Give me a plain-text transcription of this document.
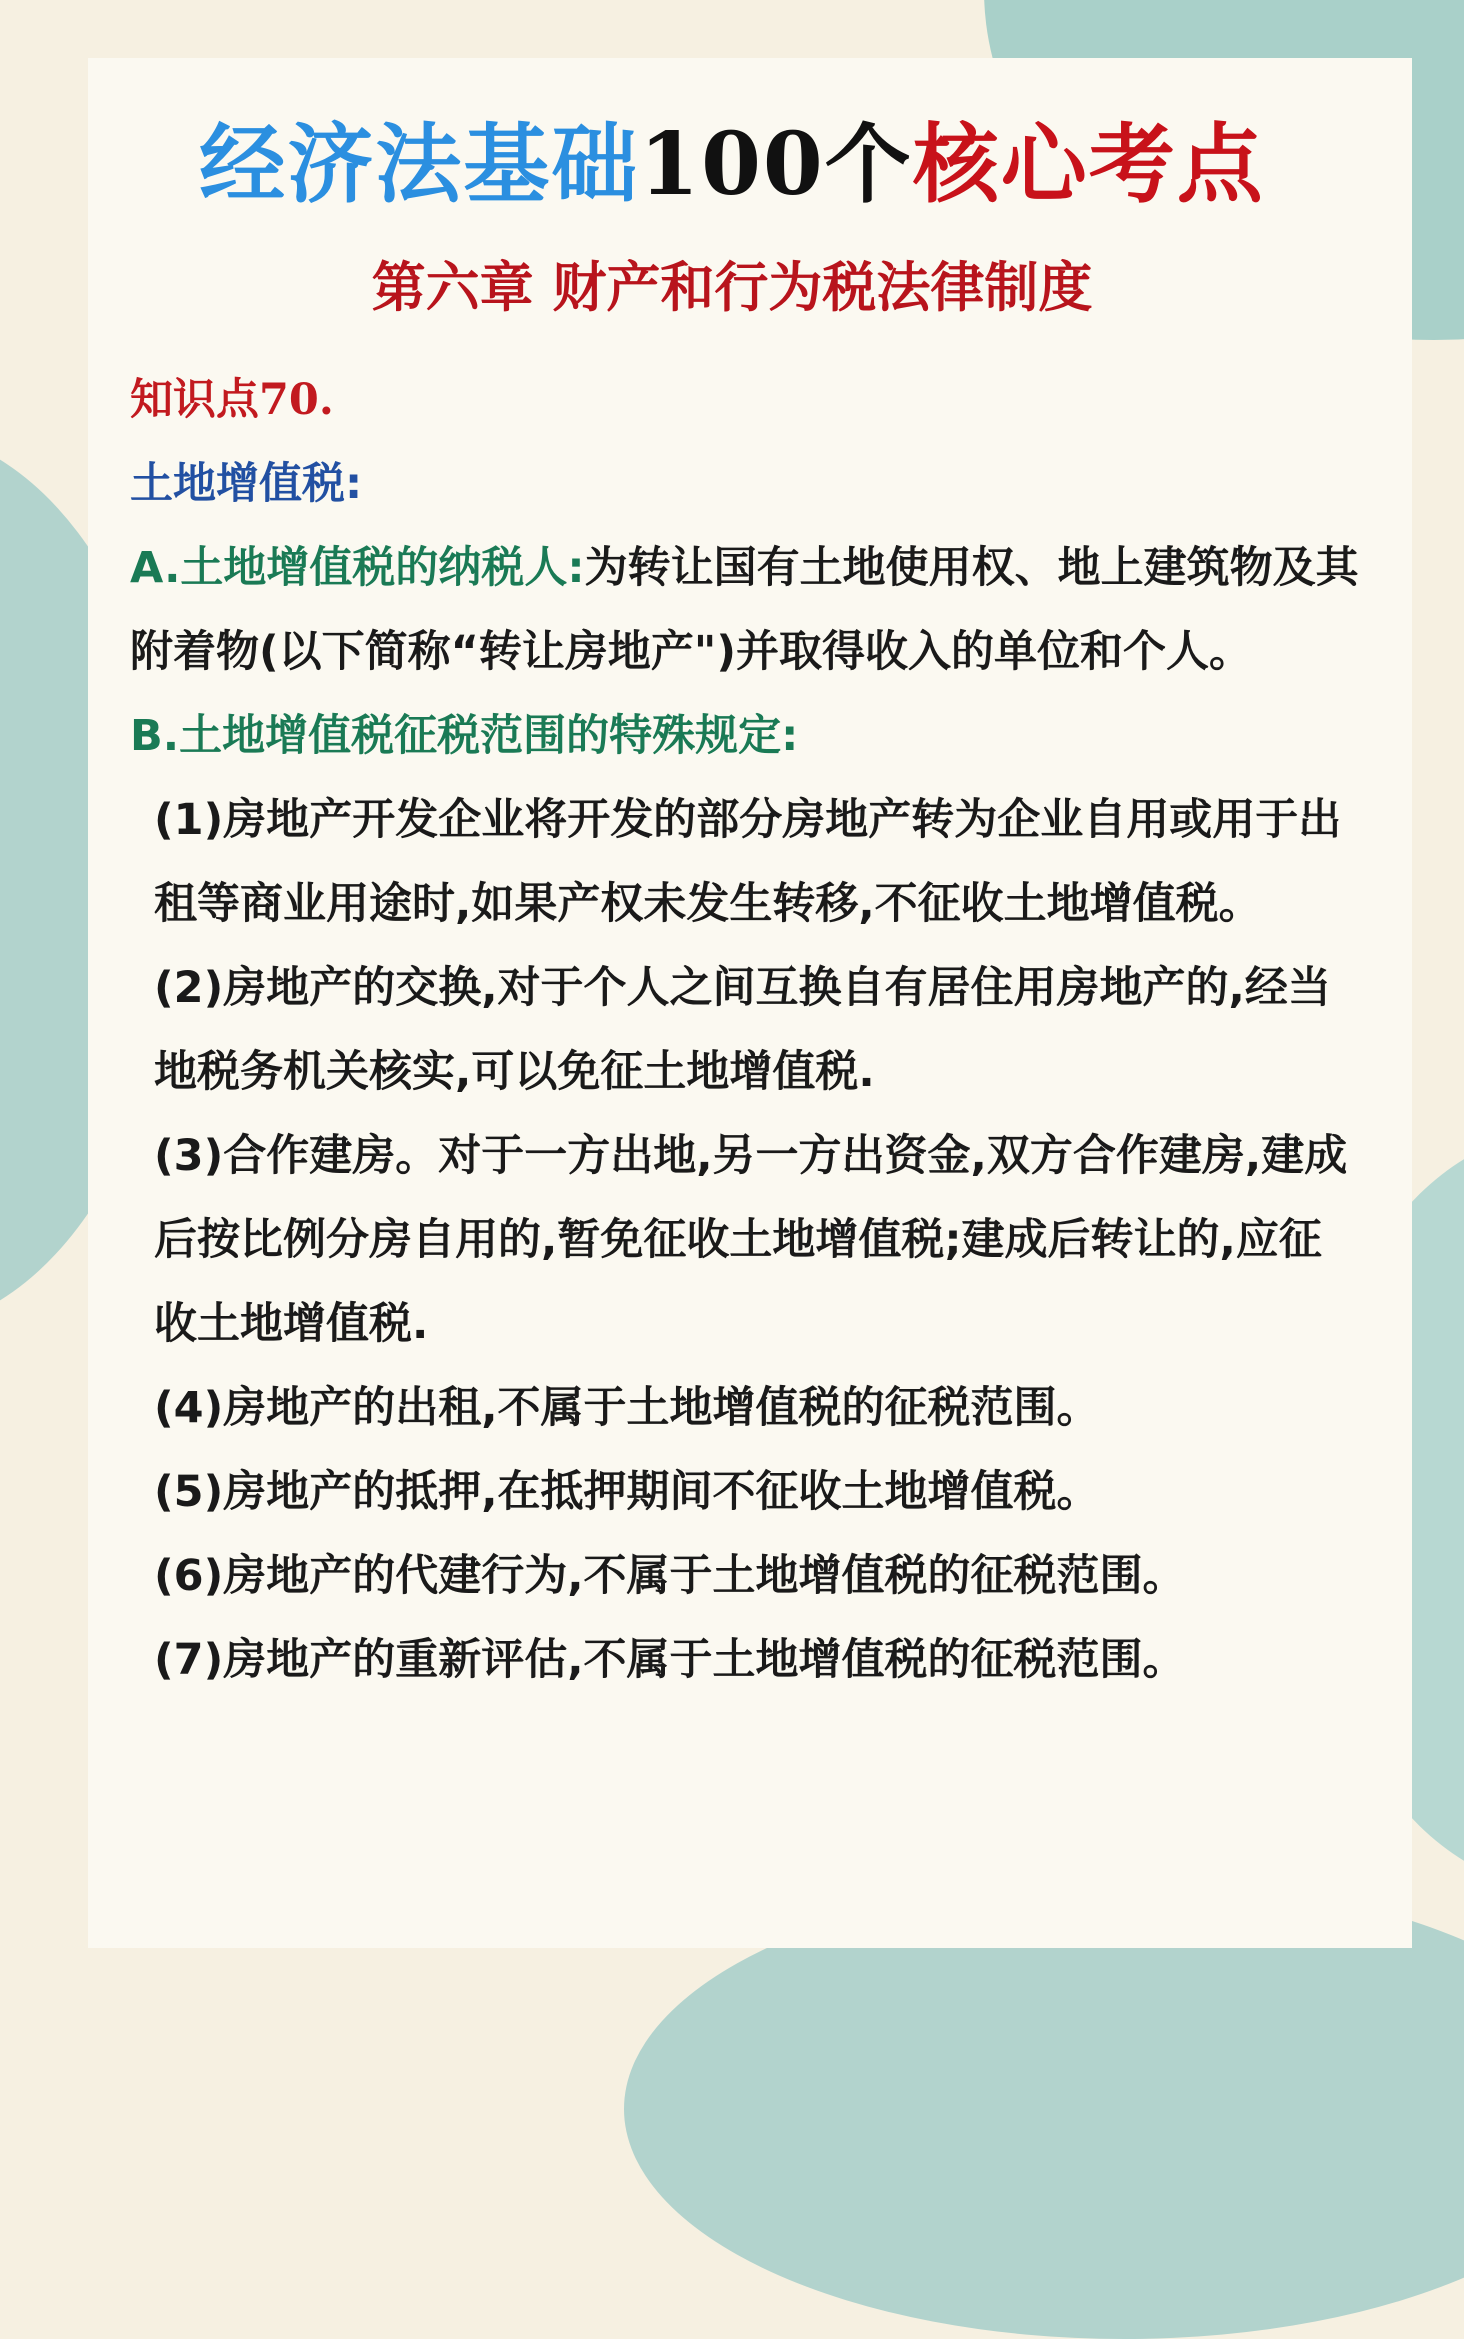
经济法基础100个核心考点
第六章 财产和行为税法律制度

知识点70.

土地增值税:

A.土地增值税的纳税人:为转让国有土地使用权、地上建筑物及其附着物(以下简称“转让房地产")并取得收入的单位和个人。

B.土地增值税征税范围的特殊规定:

(1)房地产开发企业将开发的部分房地产转为企业自用或用于出租等商业用途时,如果产权未发生转移,不征收土地增值税。

(2)房地产的交换,对于个人之间互换自有居住用房地产的,经当地税务机关核实,可以免征土地增值税.

(3)合作建房。对于一方出地,另一方出资金,双方合作建房,建成后按比例分房自用的,暂免征收土地增值税;建成后转让的,应征收土地增值税.

(4)房地产的出租,不属于土地增值税的征税范围。

(5)房地产的抵押,在抵押期间不征收土地增值税。

(6)房地产的代建行为,不属于土地增值税的征税范围。

(7)房地产的重新评估,不属于土地增值税的征税范围。
